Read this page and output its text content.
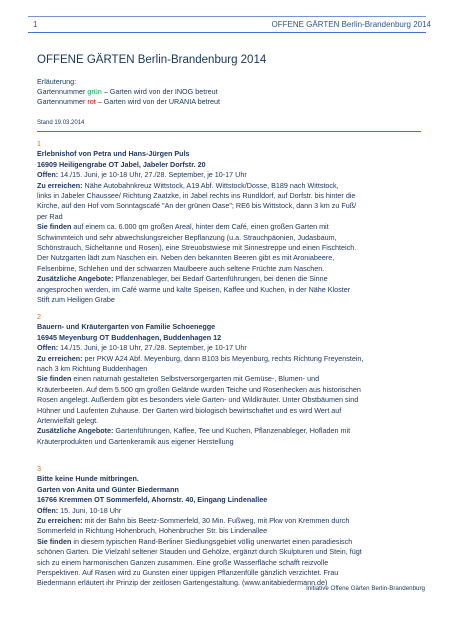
1	OFFENE GÄRTEN Berlin-Brandenburg 2014
OFFENE GÄRTEN Berlin-Brandenburg 2014
Erläuterung:
Gartennummer grün – Garten wird von der INOG betreut
Gartennummer rot – Garten wird von der URANIA betreut
Stand 19.03.2014
1
Erlebnishof von Petra und Hans-Jürgen Puls
16909 Heiligengrabe OT Jabel, Jabeler Dorfstr. 20
Offen: 14./15. Juni, je 10-18 Uhr, 27./28. September, je 10-17 Uhr
Zu erreichen: Nähe Autobahnkreuz Wittstock, A19 Abf. Wittstock/Dosse, B189 nach Wittstock,
links in Jabeler Chaussee/ Richtung Zaatzke, in Jabel rechts ins Rundldorf, auf Dorfstr. bis hinter die
Kirche, auf den Hof vom Sonntagscafé "An der grünen Oase"; RE6 bis Wittstock, dann 3 km zu Fuß/
per Rad
Sie finden auf einem ca. 6.000 qm großen Areal, hinter dem Café, einen großen Garten mit
Schwimmteich und sehr abwechslungsreicher Bepflanzung (u.a. Strauchpäonien, Judasbaum,
Schönstrauch, Sicheltanne und Rosen), eine Streuobstwiese mit Sinnestreppe und einen Fischteich.
Der Nutzgarten lädt zum Naschen ein. Neben den bekannten Beeren gibt es mit Aroniabeere,
Felsenbirne, Schlehen und der schwarzen Maulbeere auch seltene Früchte zum Naschen.
Zusätzliche Angebote: Pflanzenableger, bei Bedarf Gartenführungen, bei denen die Sinne
angesprochen werden, im Café warme und kalte Speisen, Kaffee und Kuchen, in der Nähe Kloster
Stift zum Heiligen Grabe
2
Bauern- und Kräutergarten von Familie Schoenegge
16945 Meyenburg OT Buddenhagen, Buddenhagen 12
Offen: 14./15. Juni, je 10-18 Uhr, 27./28. September, je 10-17 Uhr
Zu erreichen: per PKW A24 Abf. Meyenburg, dann B103 bis Meyenburg, rechts Richtung Freyenstein,
nach 3 km Richtung Buddenhagen
Sie finden einen naturnah gestalteten Selbstversorgergarten mit Gemüse-, Blumen- und
Kräuterbeeten. Auf dem 5.500 qm großen Gelände wurden Teiche und Rosenhecken aus historischen
Rosen angelegt. Außerdem gibt es besonders viele Garten- und Wildkräuter. Unter Obstbäumen sind
Hühner und Laufenten Zuhause. Der Garten wird biologisch bewirtschaftet und es wird Wert auf
Artenvielfalt gelegt.
Zusätzliche Angebote: Gartenführungen, Kaffee, Tee und Kuchen, Pflanzenableger, Hofladen mit
Kräuterprodukten und Gartenkeramik aus eigener Herstellung
3
Bitte keine Hunde mitbringen.
Garten von Anita und Günter Biedermann
16766 Kremmen OT Sommerfeld, Ahornstr. 40, Eingang Lindenallee
Offen: 15. Juni, 10-18 Uhr
Zu erreichen: mit der Bahn bis Beetz-Sommerfeld, 30 Min. Fußweg, mit Pkw von Kremmen durch
Sommerfeld in Richtung Hohenbruch, Hohenbrucher Str. bis Lindenallee
Sie finden in diesem typischen Rand-Berliner Siedlungsgebiet völlig unerwartet einen paradiesisch
schönen Garten. Die Vielzahl seltener Stauden und Gehölze, ergänzt durch Skulpturen und Stein, fügt
sich zu einem harmonischen Ganzen zusammen. Eine große Wasserfläche schafft reizvolle
Perspektiven. Auf Rasen wird zu Gunsten einer üppigen Pflanzenfülle gänzlich verzichtet. Frau
Biedermann erläutert ihr Prinzip der zeitlosen Gartengestaltung. (www.anitabiedermann.de)
Initiative Offene Gärten Berlin-Brandenburg
